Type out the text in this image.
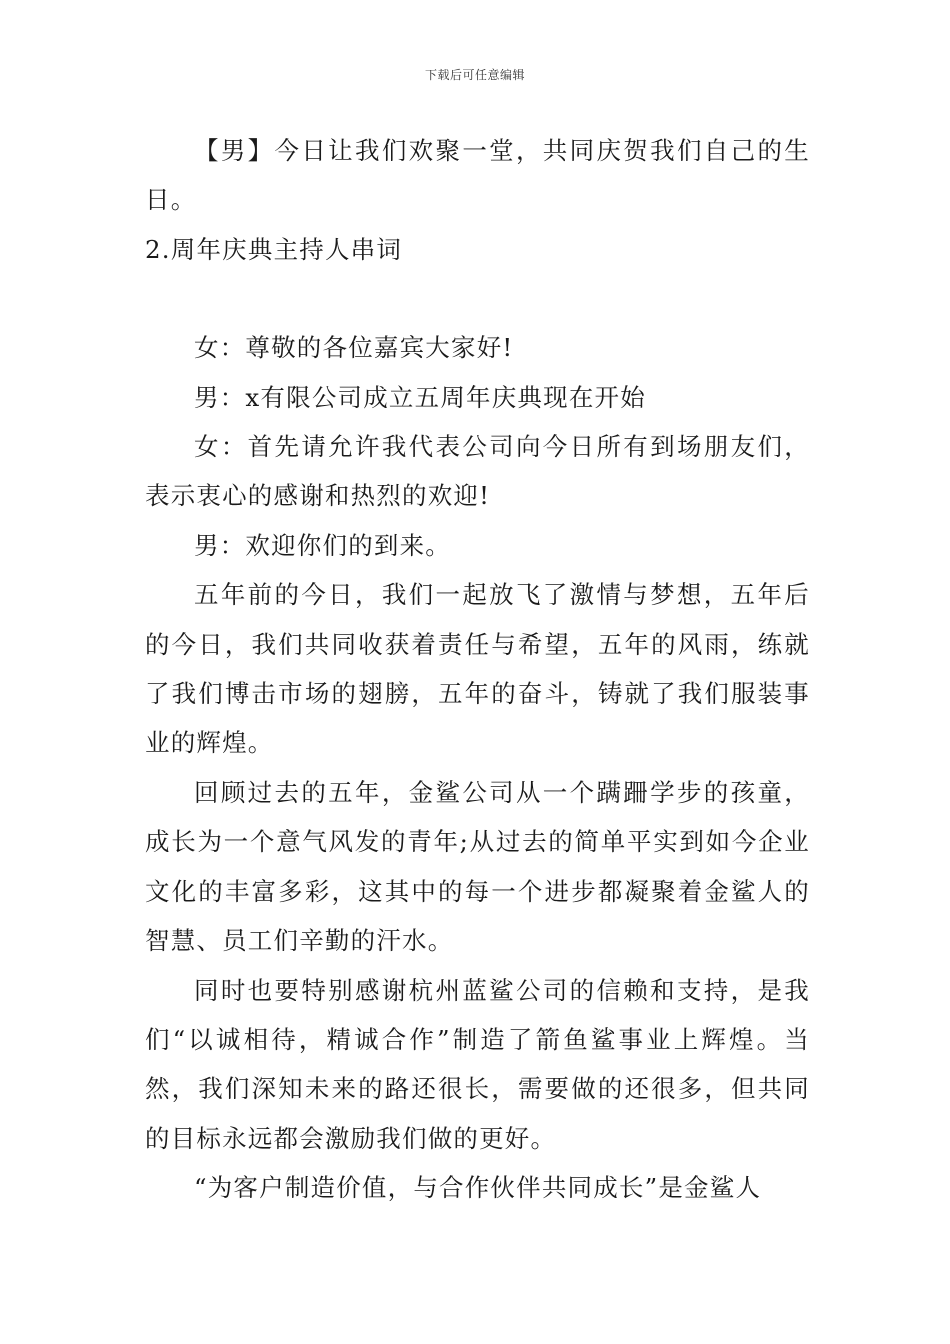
下载后可任意编辑

【男】今日让我们欢聚一堂，共同庆贺我们自己的生日。

2.周年庆典主持人串词

女：尊敬的各位嘉宾大家好!

男：x有限公司成立五周年庆典现在开始

女：首先请允许我代表公司向今日所有到场朋友们，表示衷心的感谢和热烈的欢迎!

男：欢迎你们的到来。

五年前的今日，我们一起放飞了激情与梦想，五年后的今日，我们共同收获着责任与希望，五年的风雨，练就了我们博击市场的翅膀，五年的奋斗，铸就了我们服装事业的辉煌。

回顾过去的五年，金鲨公司从一个蹒跚学步的孩童，成长为一个意气风发的青年;从过去的简单平实到如今企业文化的丰富多彩，这其中的每一个进步都凝聚着金鲨人的智慧、员工们辛勤的汗水。

同时也要特别感谢杭州蓝鲨公司的信赖和支持，是我们“以诚相待，精诚合作”制造了箭鱼鲨事业上辉煌。当然，我们深知未来的路还很长，需要做的还很多，但共同的目标永远都会激励我们做的更好。

“为客户制造价值，与合作伙伴共同成长”是金鲨人
